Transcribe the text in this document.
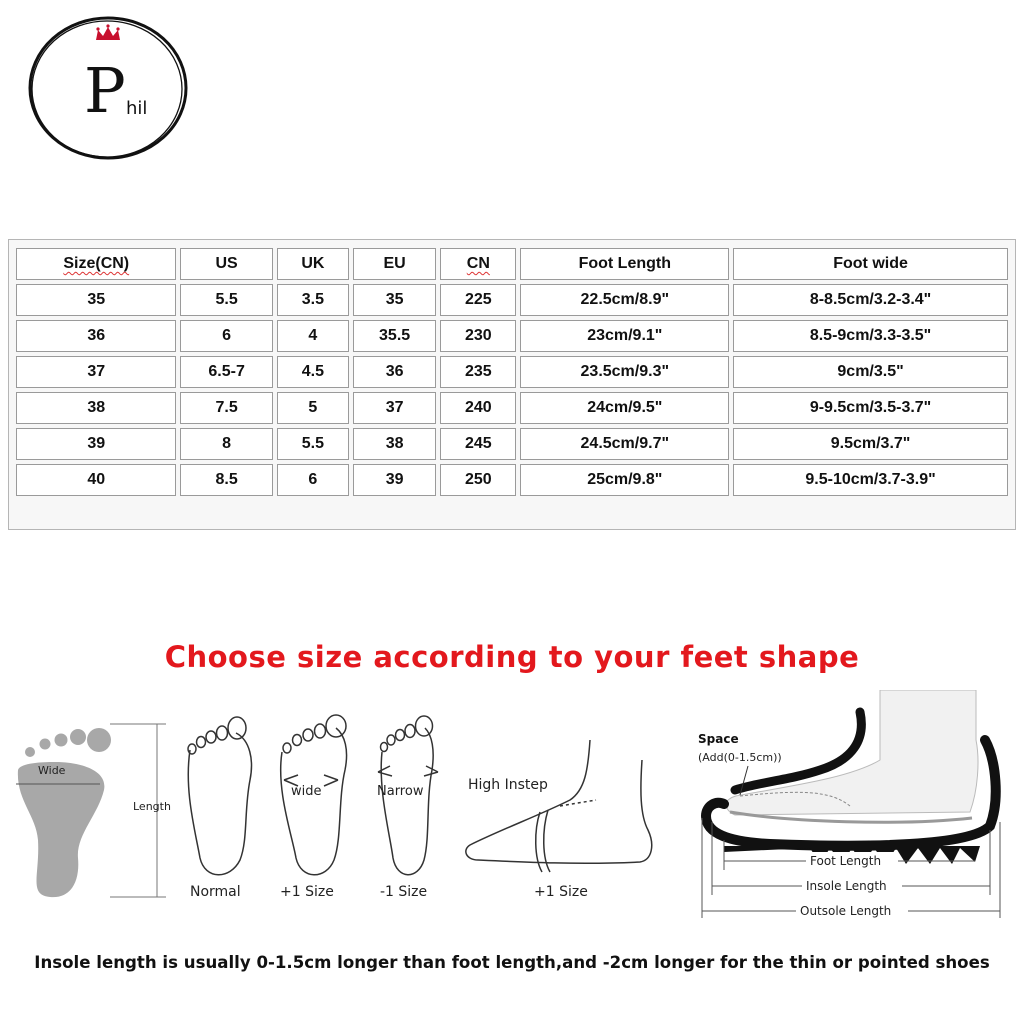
P hil
Size(CN)	US	UK	EU	CN	Foot Length	Foot wide
35	5.5	3.5	35	225	22.5cm/8.9"	8-8.5cm/3.2-3.4"
36	6	4	35.5	230	23cm/9.1"	8.5-9cm/3.3-3.5"
37	6.5-7	4.5	36	235	23.5cm/9.3"	9cm/3.5"
38	7.5	5	37	240	24cm/9.5"	9-9.5cm/3.5-3.7"
39	8	5.5	38	245	24.5cm/9.7"	9.5cm/3.7"
40	8.5	6	39	250	25cm/9.8"	9.5-10cm/3.7-3.9"
Choose size according to your feet shape
Wide
Length
Normal
wide
+1 Size
Narrow
-1 Size
High Instep
+1 Size
Space
(Add(0-1.5cm))
Foot Length
Insole Length
Outsole Length
Insole length is usually 0-1.5cm longer than foot length,and -2cm longer for the thin or pointed shoes
